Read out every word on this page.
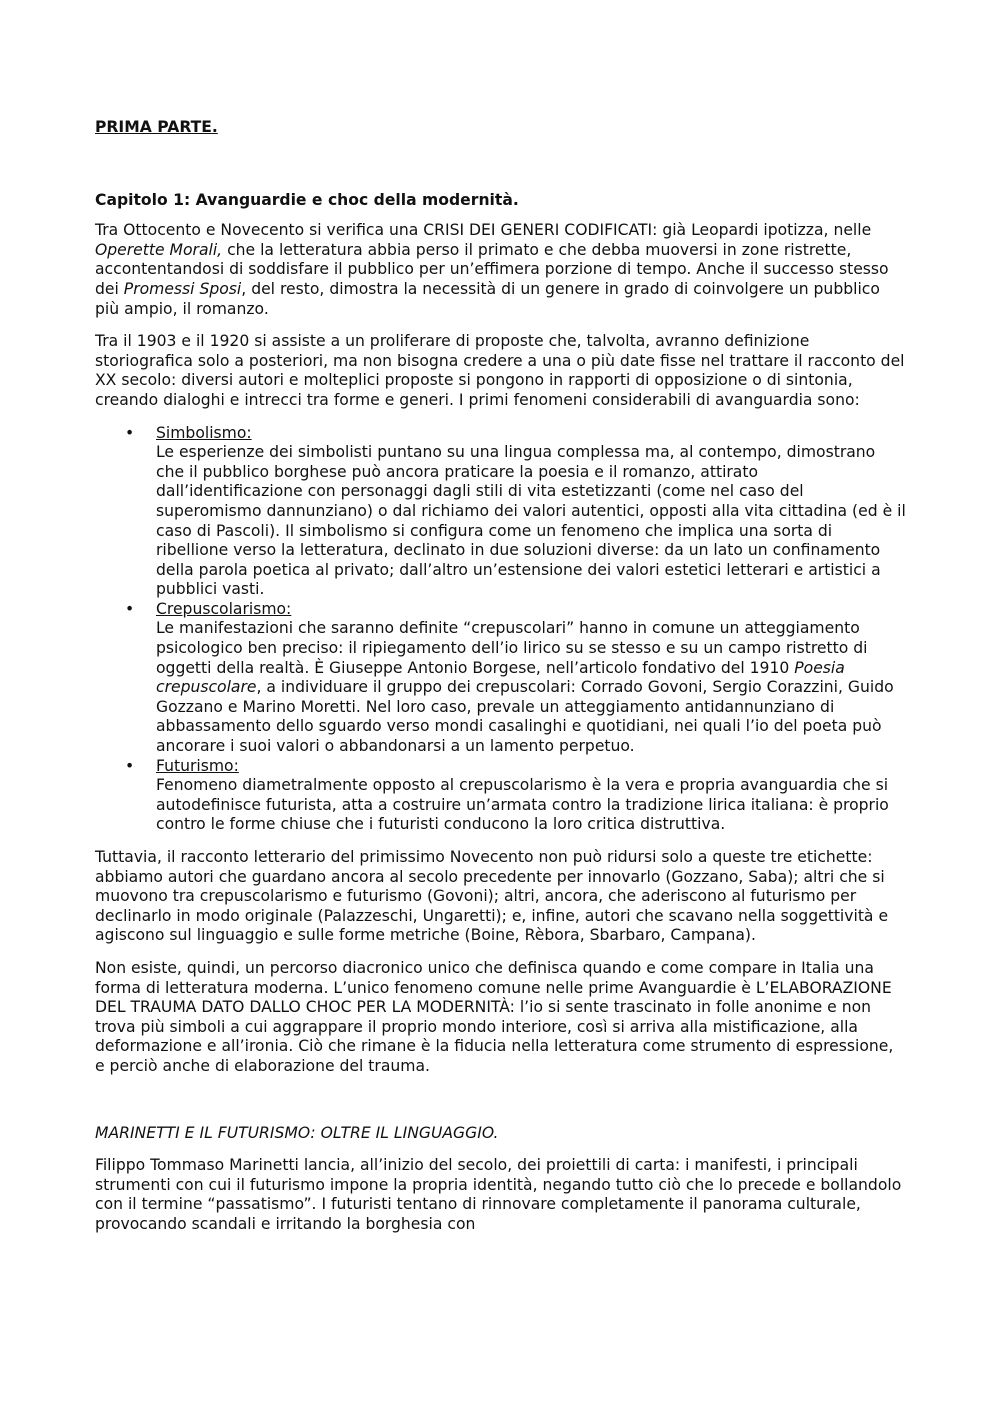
PRIMA PARTE.

Capitolo 1: Avanguardie e choc della modernità.

Tra Ottocento e Novecento si verifica una CRISI DEI GENERI CODIFICATI: già Leopardi ipotizza, nelle Operette Morali, che la letteratura abbia perso il primato e che debba muoversi in zone ristrette, accontentandosi di soddisfare il pubblico per un’effimera porzione di tempo. Anche il successo stesso dei Promessi Sposi, del resto, dimostra la necessità di un genere in grado di coinvolgere un pubblico più ampio, il romanzo.

Tra il 1903 e il 1920 si assiste a un proliferare di proposte che, talvolta, avranno definizione storiografica solo a posteriori, ma non bisogna credere a una o più date fisse nel trattare il racconto del XX secolo: diversi autori e molteplici proposte si pongono in rapporti di opposizione o di sintonia, creando dialoghi e intrecci tra forme e generi. I primi fenomeni considerabili di avanguardia sono:

• Simbolismo:
Le esperienze dei simbolisti puntano su una lingua complessa ma, al contempo, dimostrano che il pubblico borghese può ancora praticare la poesia e il romanzo, attirato dall’identificazione con personaggi dagli stili di vita estetizzanti (come nel caso del superomismo dannunziano) o dal richiamo dei valori autentici, opposti alla vita cittadina (ed è il caso di Pascoli). Il simbolismo si configura come un fenomeno che implica una sorta di ribellione verso la letteratura, declinato in due soluzioni diverse: da un lato un confinamento della parola poetica al privato; dall’altro un’estensione dei valori estetici letterari e artistici a pubblici vasti.
• Crepuscolarismo:
Le manifestazioni che saranno definite “crepuscolari” hanno in comune un atteggiamento psicologico ben preciso: il ripiegamento dell’io lirico su se stesso e su un campo ristretto di oggetti della realtà. È Giuseppe Antonio Borgese, nell’articolo fondativo del 1910 Poesia crepuscolare, a individuare il gruppo dei crepuscolari: Corrado Govoni, Sergio Corazzini, Guido Gozzano e Marino Moretti. Nel loro caso, prevale un atteggiamento antidannunziano di abbassamento dello sguardo verso mondi casalinghi e quotidiani, nei quali l’io del poeta può ancorare i suoi valori o abbandonarsi a un lamento perpetuo.
• Futurismo:
Fenomeno diametralmente opposto al crepuscolarismo è la vera e propria avanguardia che si autodefinisce futurista, atta a costruire un’armata contro la tradizione lirica italiana: è proprio contro le forme chiuse che i futuristi conducono la loro critica distruttiva.

Tuttavia, il racconto letterario del primissimo Novecento non può ridursi solo a queste tre etichette: abbiamo autori che guardano ancora al secolo precedente per innovarlo (Gozzano, Saba); altri che si muovono tra crepuscolarismo e futurismo (Govoni); altri, ancora, che aderiscono al futurismo per declinarlo in modo originale (Palazzeschi, Ungaretti); e, infine, autori che scavano nella soggettività e agiscono sul linguaggio e sulle forme metriche (Boine, Rèbora, Sbarbaro, Campana).

Non esiste, quindi, un percorso diacronico unico che definisca quando e come compare in Italia una forma di letteratura moderna. L’unico fenomeno comune nelle prime Avanguardie è L’ELABORAZIONE DEL TRAUMA DATO DALLO CHOC PER LA MODERNITÀ: l’io si sente trascinato in folle anonime e non trova più simboli a cui aggrappare il proprio mondo interiore, così si arriva alla mistificazione, alla deformazione e all’ironia. Ciò che rimane è la fiducia nella letteratura come strumento di espressione, e perciò anche di elaborazione del trauma.

MARINETTI E IL FUTURISMO: OLTRE IL LINGUAGGIO.

Filippo Tommaso Marinetti lancia, all’inizio del secolo, dei proiettili di carta: i manifesti, i principali strumenti con cui il futurismo impone la propria identità, negando tutto ciò che lo precede e bollandolo con il termine “passatismo”. I futuristi tentano di rinnovare completamente il panorama culturale, provocando scandali e irritando la borghesia con
